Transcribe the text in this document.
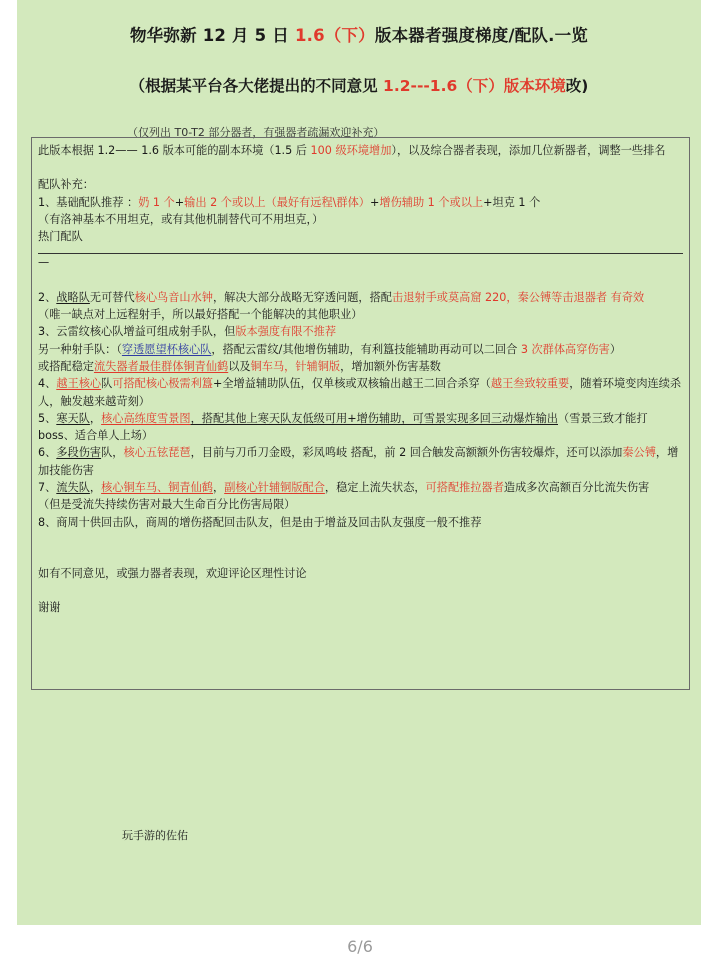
物华弥新 12 月 5 日 1.6（下）版本器者强度梯度/配队.一览
（根据某平台各大佬提出的不同意见 1.2---1.6（下）版本环境改)
（仅列出 T0-T2 部分器者，有强器者疏漏欢迎补充）

此版本根据 1.2—— 1.6 版本可能的副本环境（1.5 后 100 级环境增加），以及综合器者表现，添加几位新器者，调整一些排名

配队补充：

1、基础配队推荐 ：奶 1 个+输出 2 个或以上（最好有远程\群体）+增伤辅助 1 个或以上+坦克 1 个

（有洛神基本不用坦克，或有其他机制替代可不用坦克，）

热门配队

—

2、战略队无可替代核心鸟音山水钟，解决大部分战略无穿透问题，搭配击退射手或莫高窟 220，秦公镈等击退器者 有奇效

（唯一缺点对上远程射手，所以最好搭配一个能解决的其他职业）

3、云雷纹核心队增益可组成射手队，但版本强度有限不推荐

另一种射手队：（穿透愿望杯核心队，搭配云雷纹/其他增伤辅助，有利簋技能辅助再动可以二回合 3 次群体高穿伤害）

或搭配稳定流失器者最佳群体铜青仙鹤以及铜车马，针辅铜版，增加额外伤害基数

4、越王核心队可搭配核心极需利簋+全增益辅助队伍，仅单核或双核输出越王二回合杀穿（越王叁致较重要，随着环境变肉连续杀人，触发越来越苛刻）

5、寒天队，核心高练度雪景图，搭配其他上寒天队友低级可用+增伤辅助，可雪景实现多回三动爆炸输出（雪景三致才能打 boss、适合单人上场）

6、多段伤害队，核心五铉琵琶，目前与刀币刀金殴，彩凤鸣岐 搭配，前 2 回合触发高额额外伤害较爆炸，还可以添加秦公镈，增加技能伤害

7、流失队，核心铜车马、铜青仙鹤，副核心针辅铜版配合，稳定上流失状态，可搭配推拉器者造成多次高额百分比流失伤害

（但是受流失持续伤害对最大生命百分比伤害局限）

8、商周十供回击队，商周的增伤搭配回击队友，但是由于增益及回击队友强度一般不推荐

如有不同意见，或强力器者表现，欢迎评论区理性讨论

谢谢

玩手游的佐佑
6/6
